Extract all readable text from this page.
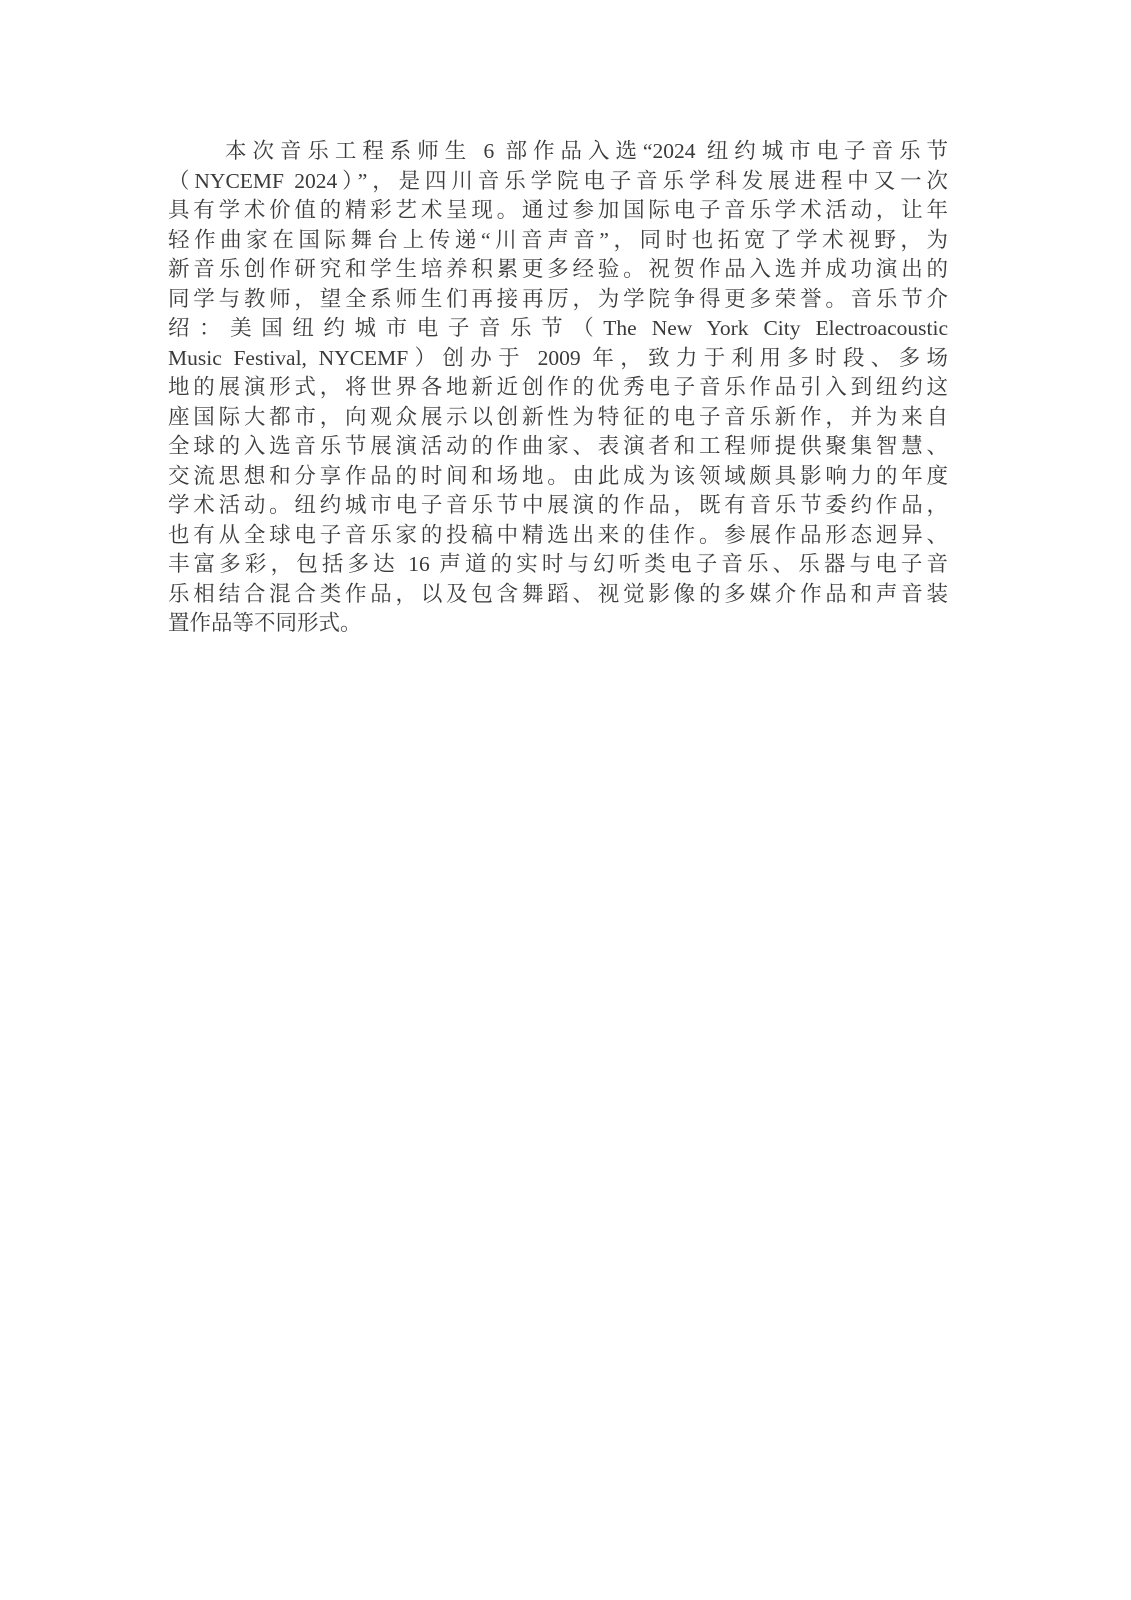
本次音乐工程系师生 6 部作品入选“2024 纽约城市电子音乐节
（NYCEMF 2024）”，是四川音乐学院电子音乐学科发展进程中又一次
具有学术价值的精彩艺术呈现。通过参加国际电子音乐学术活动，让年
轻作曲家在国际舞台上传递“川音声音”，同时也拓宽了学术视野，为
新音乐创作研究和学生培养积累更多经验。祝贺作品入选并成功演出的
同学与教师，望全系师生们再接再厉，为学院争得更多荣誉。音乐节介
绍：美国纽约城市电子音乐节（The New York City Electroacoustic
Music Festival, NYCEMF）创办于 2009 年，致力于利用多时段、多场
地的展演形式，将世界各地新近创作的优秀电子音乐作品引入到纽约这
座国际大都市，向观众展示以创新性为特征的电子音乐新作，并为来自
全球的入选音乐节展演活动的作曲家、表演者和工程师提供聚集智慧、
交流思想和分享作品的时间和场地。由此成为该领域颇具影响力的年度
学术活动。纽约城市电子音乐节中展演的作品，既有音乐节委约作品，
也有从全球电子音乐家的投稿中精选出来的佳作。参展作品形态迥异、
丰富多彩，包括多达 16 声道的实时与幻听类电子音乐、乐器与电子音
乐相结合混合类作品，以及包含舞蹈、视觉影像的多媒介作品和声音装
置作品等不同形式。
